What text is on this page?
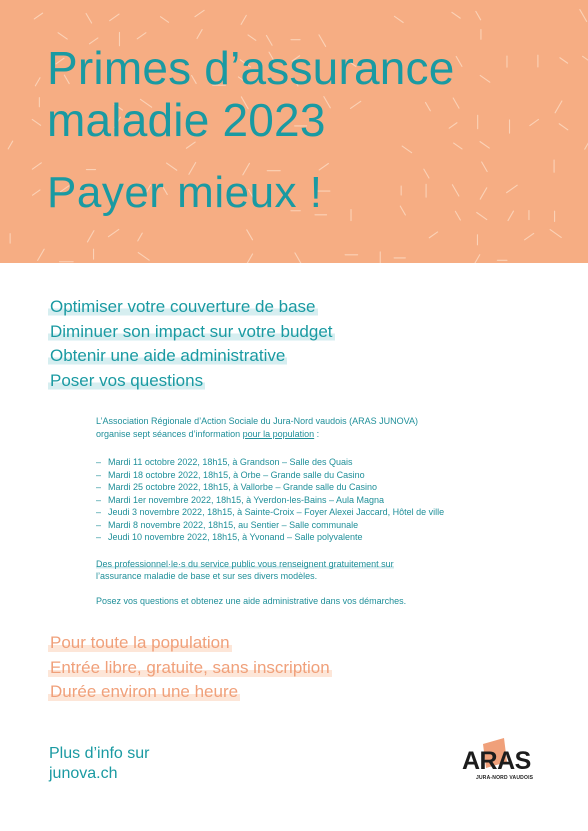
Primes d’assurance
maladie 2023
Payer mieux !
Optimiser votre couverture de base
Diminuer son impact sur votre budget
Obtenir une aide administrative
Poser vos questions

L’Association Régionale d’Action Sociale du Jura-Nord vaudois (ARAS JUNOVA)
organise sept séances d’information pour la population :

– Mardi 11 octobre 2022, 18h15, à Grandson – Salle des Quais
– Mardi 18 octobre 2022, 18h15, à Orbe – Grande salle du Casino
– Mardi 25 octobre 2022, 18h15, à Vallorbe – Grande salle du Casino
– Mardi 1er novembre 2022, 18h15, à Yverdon-les-Bains – Aula Magna
– Jeudi 3 novembre 2022, 18h15, à Sainte-Croix – Foyer Alexei Jaccard, Hôtel de ville
– Mardi 8 novembre 2022, 18h15, au Sentier – Salle communale
– Jeudi 10 novembre 2022, 18h15, à Yvonand – Salle polyvalente

Des professionnel·le·s du service public vous renseignent gratuitement sur
l’assurance maladie de base et sur ses divers modèles.

Posez vos questions et obtenez une aide administrative dans vos démarches.

Pour toute la population
Entrée libre, gratuite, sans inscription
Durée environ une heure
Plus d’info sur
junova.ch	ARAS
JURA-NORD VAUDOIS
